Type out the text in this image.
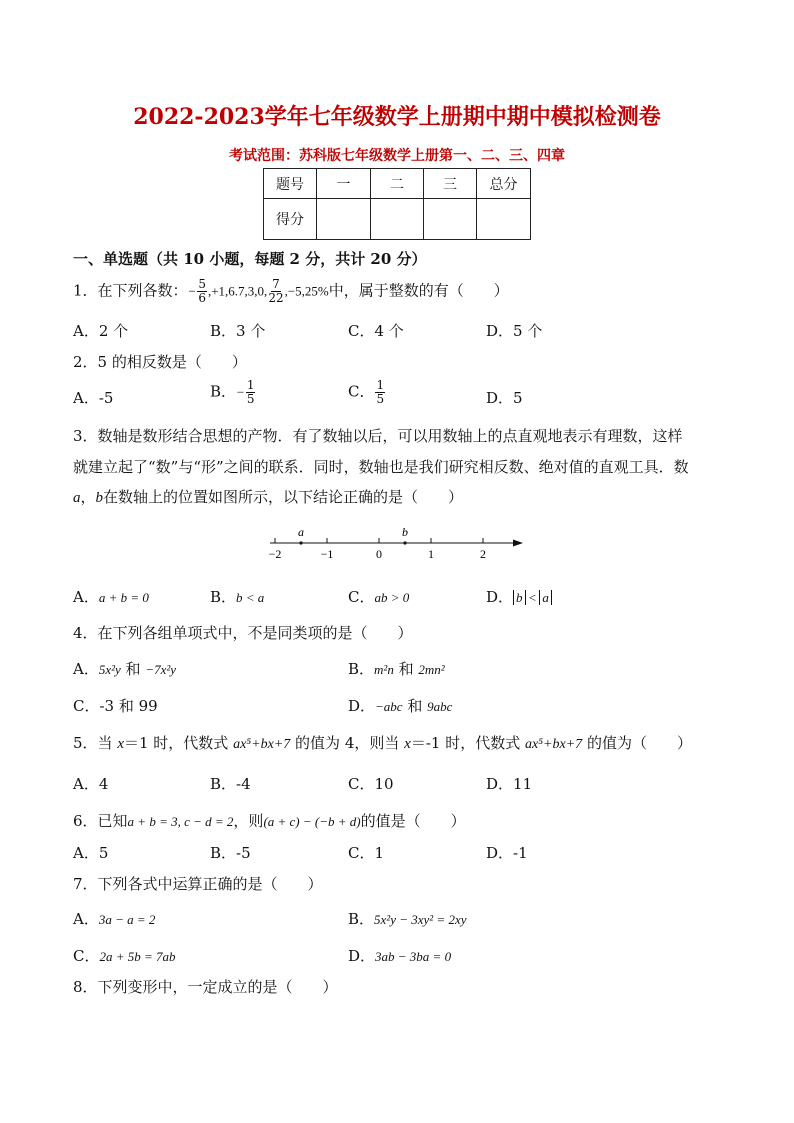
2022-2023学年七年级数学上册期中期中模拟检测卷
考试范围：苏科版七年级数学上册第一、二、三、四章
题号	一	二	三	总分
得分				
一、单选题（共 10 小题，每题 2 分，共计 20 分）
1．在下列各数：− $\frac{5}{6} ,+1,6.7,3,0$, $\frac{7}{22} ,-5,25\%$中，属于整数的有（　　）
A．2 个	B．3 个	C．4 个	D．5 个
2．5 的相反数是（　　）
A．-5	B．− $\frac{1}{5}$	C． $\frac{1}{5}$	D．5
3．数轴是数形结合思想的产物．有了数轴以后，可以用数轴上的点直观地表示有理数，这样
就建立起了“数”与“形”之间的联系．同时，数轴也是我们研究相反数、绝对值的直观工具．数
a，b在数轴上的位置如图所示，以下结论正确的是（　　）
−2	−1	0	1	2
a	b
A．a + b = 0	B．b < a	C．ab > 0	D． b < a
4．在下列各组单项式中，不是同类项的是（　　）
A．5x²y 和 −7x²y	B．m²n 和 2mn²
C．-3 和 99	D．−abc 和 9abc
5．当 x＝1 时，代数式 ax⁵+bx+7 的值为 4，则当 x＝-1 时，代数式 ax⁵+bx+7 的值为（　　）
A．4	B．-4	C．10	D．11
6．已知a + b = 3, c − d = 2，则(a + c) − (−b + d)的值是（　　）
A．5	B．-5	C．1	D．-1
7．下列各式中运算正确的是（　　）
A．3a − a = 2	B．5x²y − 3xy² = 2xy
C．2a + 5b = 7ab	D．3ab − 3ba = 0
8．下列变形中，一定成立的是（　　）
